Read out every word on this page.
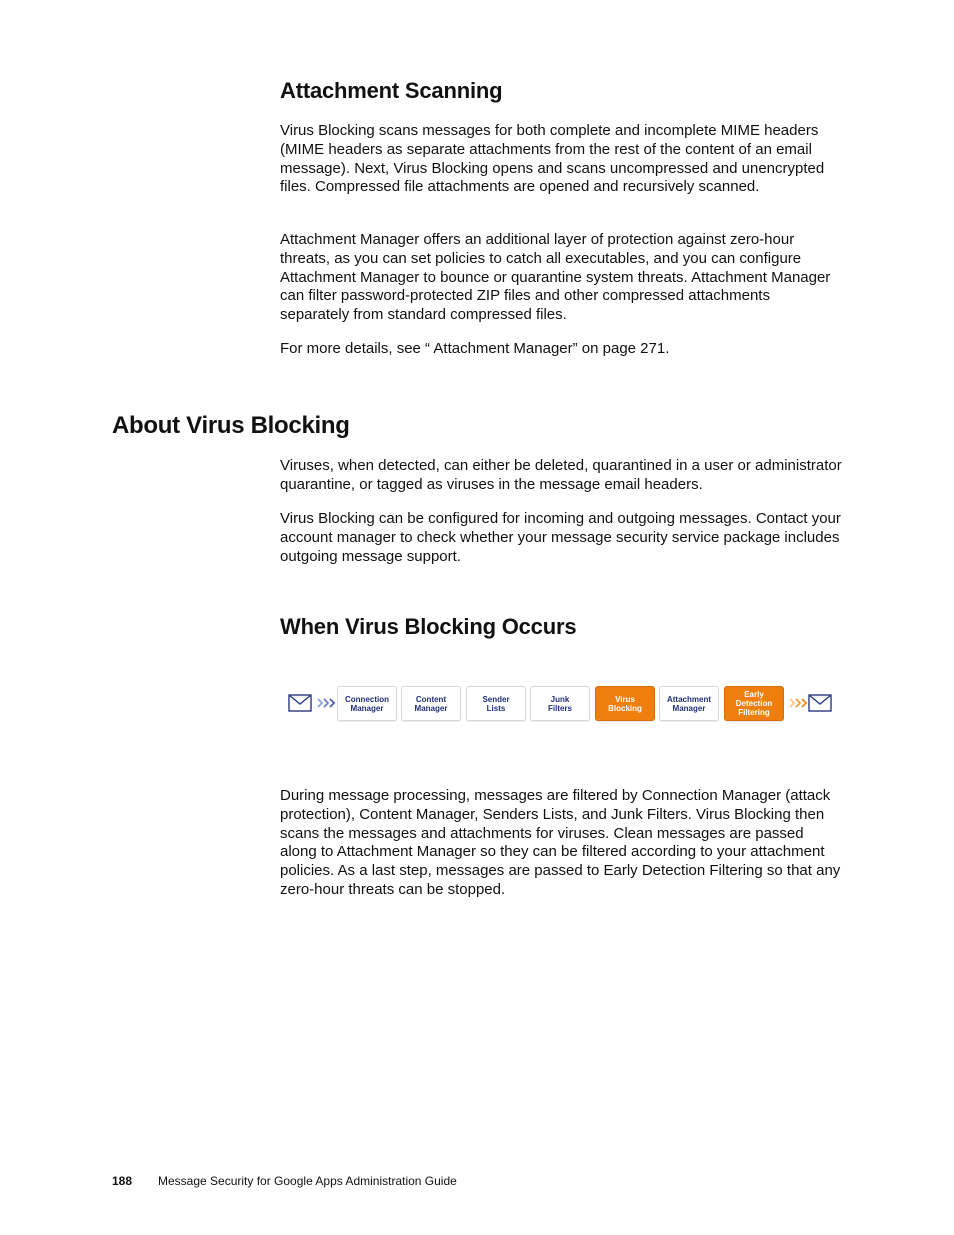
Attachment Scanning

Virus Blocking scans messages for both complete and incomplete MIME headers (MIME headers as separate attachments from the rest of the content of an email message). Next, Virus Blocking opens and scans uncompressed and unencrypted files. Compressed file attachments are opened and recursively scanned.

Attachment Manager offers an additional layer of protection against zero-hour threats, as you can set policies to catch all executables, and you can configure Attachment Manager to bounce or quarantine system threats. Attachment Manager can filter password-protected ZIP files and other compressed attachments separately from standard compressed files.

For more details, see “ Attachment Manager” on page 271.

About Virus Blocking

Viruses, when detected, can either be deleted, quarantined in a user or administrator quarantine, or tagged as viruses in the message email headers.

Virus Blocking can be configured for incoming and outgoing messages. Contact your account manager to check whether your message security service package includes outgoing message support.

When Virus Blocking Occurs
Connection
Manager
Content
Manager
Sender
Lists
Junk
Filters
Virus
Blocking
Attachment
Manager
Early
Detection
Filtering

During message processing, messages are filtered by Connection Manager (attack protection), Content Manager, Senders Lists, and Junk Filters. Virus Blocking then scans the messages and attachments for viruses. Clean messages are passed along to Attachment Manager so they can be filtered according to your attachment policies. As a last step, messages are passed to Early Detection Filtering so that any zero-hour threats can be stopped.

188 Message Security for Google Apps Administration Guide
